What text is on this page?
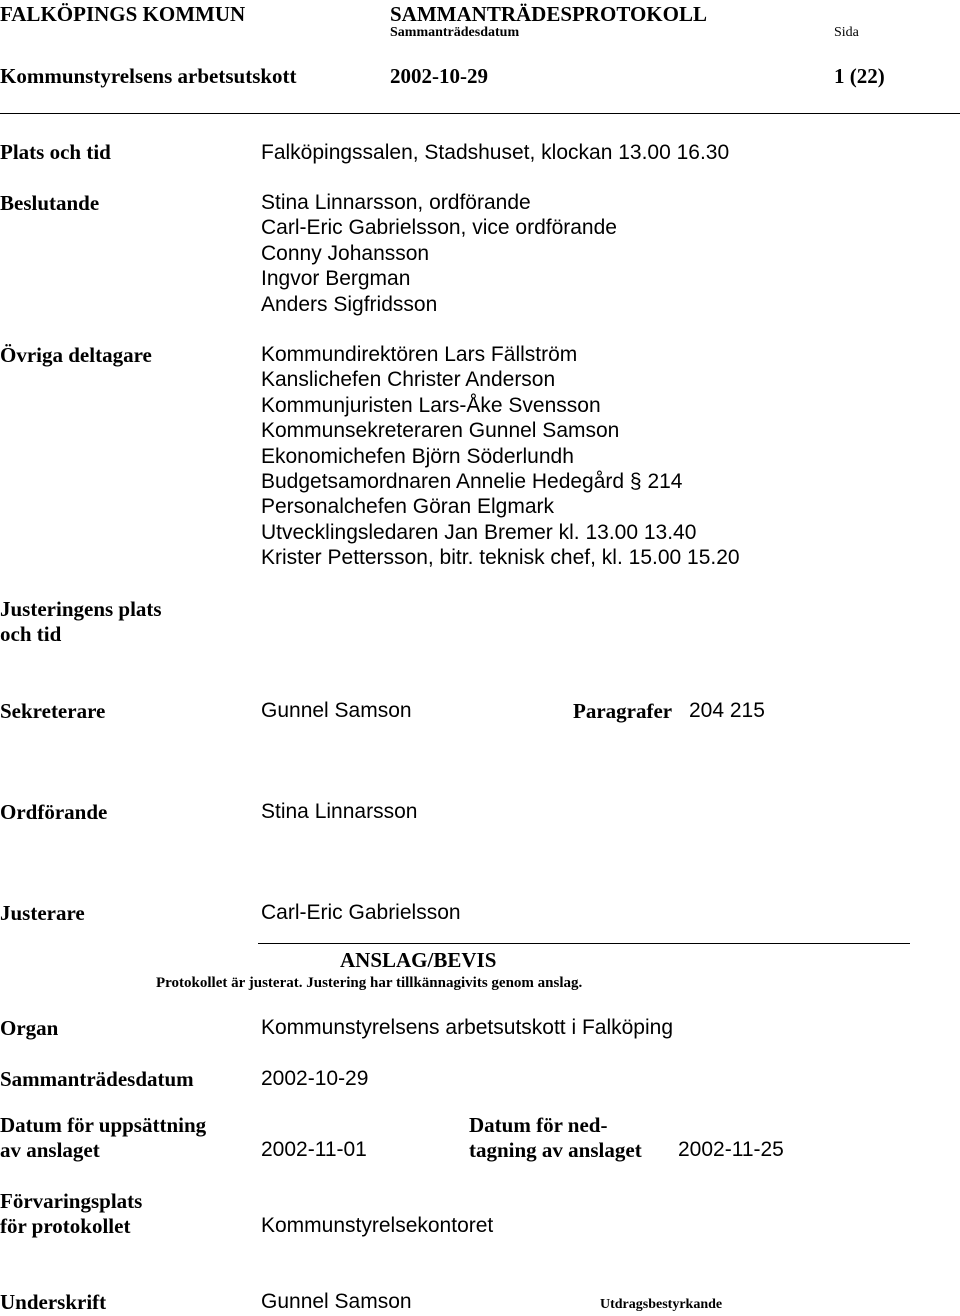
FALKÖPINGS KOMMUN	SAMMANTRÄDESPROTOKOLL
Sammanträdesdatum	Sida
Kommunstyrelsens arbetsutskott	2002-10-29	1 (22)
Plats och tid	Falköpingssalen, Stadshuset, klockan 13.00 16.30
Beslutande	Stina Linnarsson, ordförande
Carl-Eric Gabrielsson, vice ordförande
Conny Johansson
Ingvor Bergman
Anders Sigfridsson
Övriga deltagare	Kommundirektören Lars Fällström
Kanslichefen Christer Anderson
Kommunjuristen Lars-Åke Svensson
Kommunsekreteraren Gunnel Samson
Ekonomichefen Björn Söderlundh
Budgetsamordnaren Annelie Hedegård § 214
Personalchefen Göran Elgmark
Utvecklingsledaren Jan Bremer kl. 13.00 13.40
Krister Pettersson, bitr. teknisk chef, kl. 15.00 15.20
Justeringens plats
och tid
Sekreterare	Gunnel Samson	Paragrafer 204 215
Ordförande	Stina Linnarsson
Justerare	Carl-Eric Gabrielsson
ANSLAG/BEVIS
Protokollet är justerat. Justering har tillkännagivits genom anslag.
Organ	Kommunstyrelsens arbetsutskott i Falköping
Sammanträdesdatum	2002-10-29
Datum för uppsättning
av anslaget	2002-11-01
Datum för ned-
tagning av anslaget 2002-11-25
Förvaringsplats
för protokollet	Kommunstyrelsekontoret
Underskrift	Gunnel Samson	Utdragsbestyrkande
